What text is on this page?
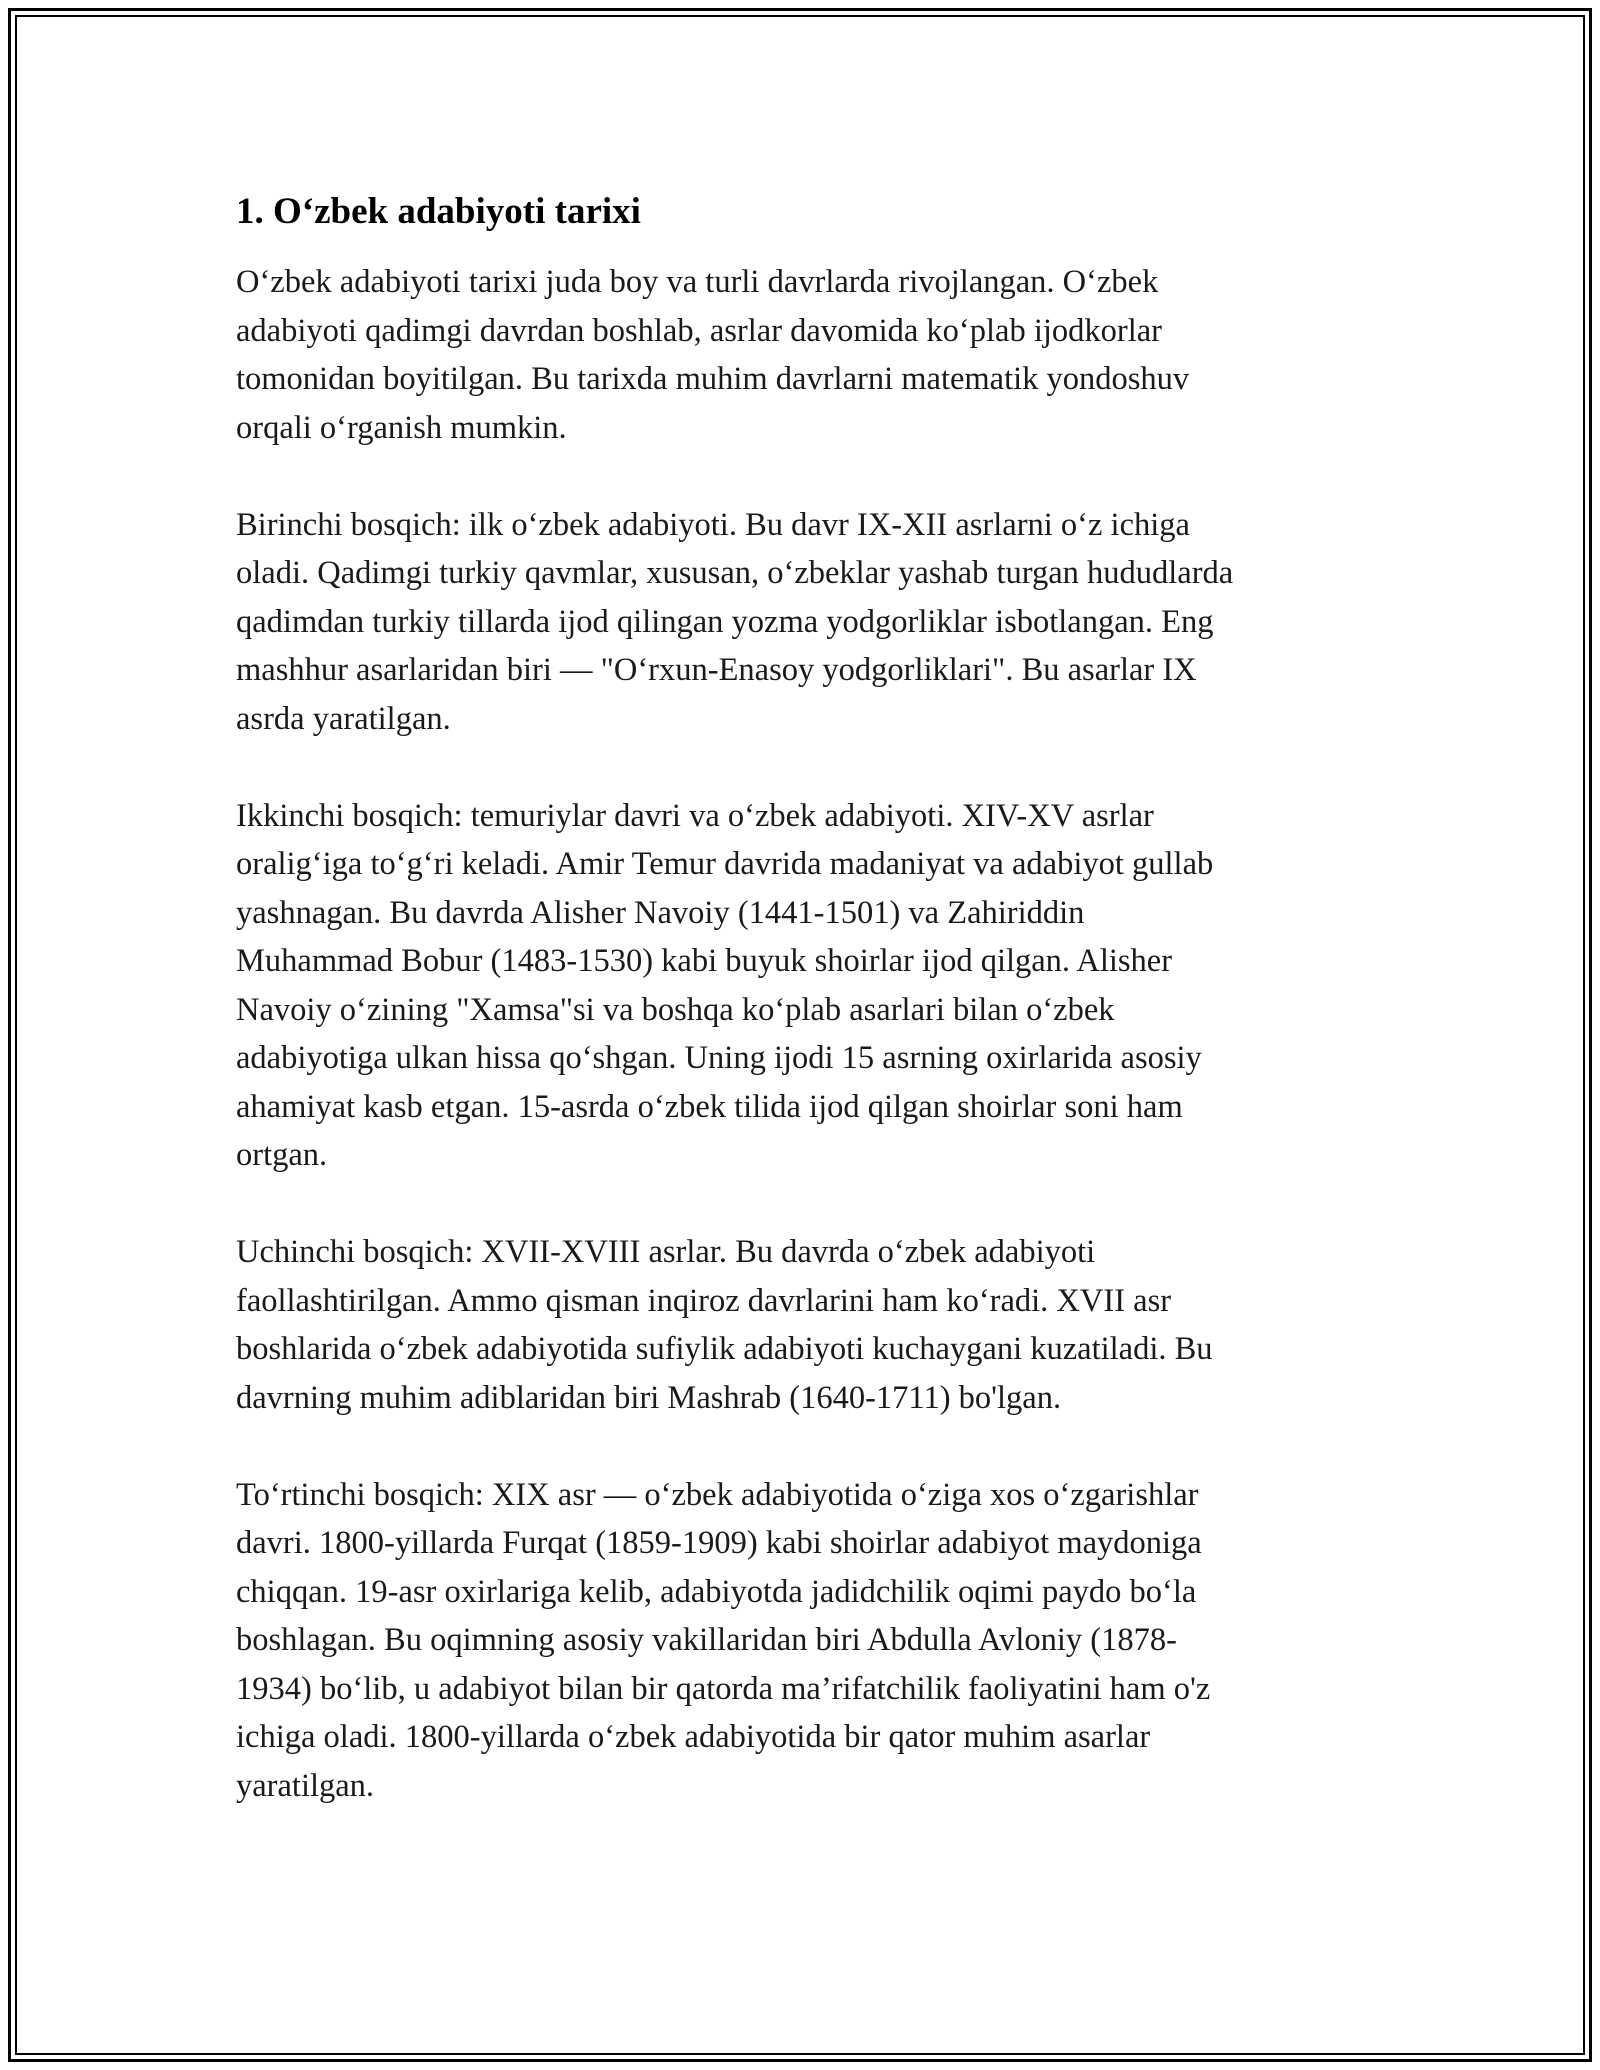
1. O‘zbek adabiyoti tarixi
O‘zbek adabiyoti tarixi juda boy va turli davrlarda rivojlangan. O‘zbek
adabiyoti qadimgi davrdan boshlab, asrlar davomida ko‘plab ijodkorlar
tomonidan boyitilgan. Bu tarixda muhim davrlarni matematik yondoshuv
orqali o‘rganish mumkin.
Birinchi bosqich: ilk o‘zbek adabiyoti. Bu davr IX-XII asrlarni o‘z ichiga
oladi. Qadimgi turkiy qavmlar, xususan, o‘zbeklar yashab turgan hududlarda
qadimdan turkiy tillarda ijod qilingan yozma yodgorliklar isbotlangan. Eng
mashhur asarlaridan biri — "O‘rxun-Enasoy yodgorliklari". Bu asarlar IX
asrda yaratilgan.
Ikkinchi bosqich: temuriylar davri va o‘zbek adabiyoti. XIV-XV asrlar
oralig‘iga to‘g‘ri keladi. Amir Temur davrida madaniyat va adabiyot gullab
yashnagan. Bu davrda Alisher Navoiy (1441-1501) va Zahiriddin
Muhammad Bobur (1483-1530) kabi buyuk shoirlar ijod qilgan. Alisher
Navoiy o‘zining "Xamsa"si va boshqa ko‘plab asarlari bilan o‘zbek
adabiyotiga ulkan hissa qo‘shgan. Uning ijodi 15 asrning oxirlarida asosiy
ahamiyat kasb etgan. 15-asrda o‘zbek tilida ijod qilgan shoirlar soni ham
ortgan.
Uchinchi bosqich: XVII-XVIII asrlar. Bu davrda o‘zbek adabiyoti
faollashtirilgan. Ammo qisman inqiroz davrlarini ham ko‘radi. XVII asr
boshlarida o‘zbek adabiyotida sufiylik adabiyoti kuchaygani kuzatiladi. Bu
davrning muhim adiblaridan biri Mashrab (1640-1711) bo'lgan.
To‘rtinchi bosqich: XIX asr — o‘zbek adabiyotida o‘ziga xos o‘zgarishlar
davri. 1800-yillarda Furqat (1859-1909) kabi shoirlar adabiyot maydoniga
chiqqan. 19-asr oxirlariga kelib, adabiyotda jadidchilik oqimi paydo bo‘la
boshlagan. Bu oqimning asosiy vakillaridan biri Abdulla Avloniy (1878-
1934) bo‘lib, u adabiyot bilan bir qatorda ma’rifatchilik faoliyatini ham o'z
ichiga oladi. 1800-yillarda o‘zbek adabiyotida bir qator muhim asarlar
yaratilgan.
